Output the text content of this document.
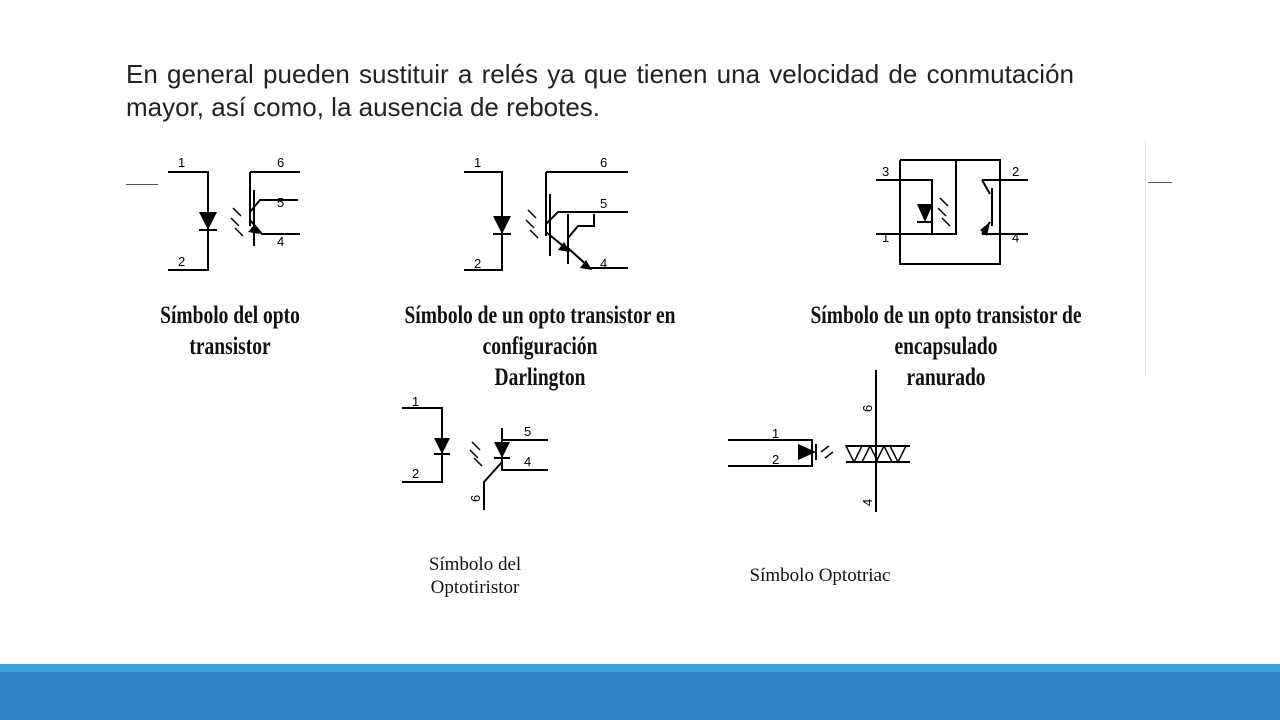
En general pueden sustituir a relés ya que tienen una velocidad de conmutación mayor, así como, la ausencia de rebotes.

1
2
6
5
4
Símbolo del opto transistor
1
2
6
5
4
Símbolo de un opto transistor en configuración
Darlington
3
1
2
4
Símbolo de un opto transistor de encapsulado
ranurado
1
2
5
4
6
Símbolo del
Optotiristor
1
2
6
4
Símbolo Optotriac
